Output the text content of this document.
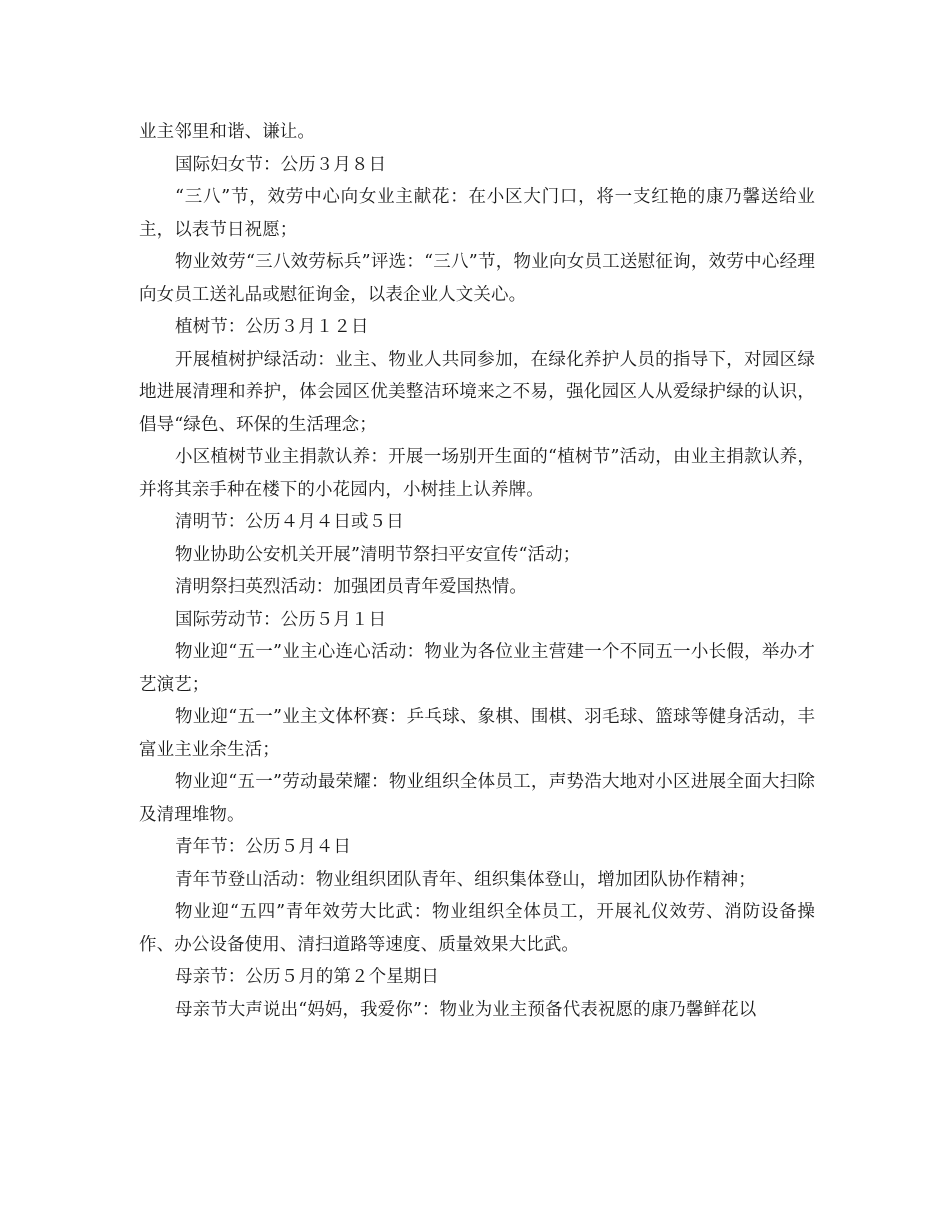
业主邻里和谐、谦让。

国际妇女节：公历３月８日

“三八”节，效劳中心向女业主献花：在小区大门口，将一支红艳的康乃馨送给业主，以表节日祝愿；

物业效劳“三八效劳标兵”评选：“三八”节，物业向女员工送慰征询，效劳中心经理向女员工送礼品或慰征询金，以表企业人文关心。

植树节：公历３月１２日

开展植树护绿活动：业主、物业人共同参加，在绿化养护人员的指导下，对园区绿地进展清理和养护，体会园区优美整洁环境来之不易，强化园区人从爱绿护绿的认识，倡导“绿色、环保的生活理念；

小区植树节业主捐款认养：开展一场别开生面的“植树节”活动，由业主捐款认养，并将其亲手种在楼下的小花园内，小树挂上认养牌。

清明节：公历４月４日或５日

物业协助公安机关开展”清明节祭扫平安宣传“活动；

清明祭扫英烈活动：加强团员青年爱国热情。

国际劳动节：公历５月１日

物业迎“五一”业主心连心活动：物业为各位业主营建一个不同五一小长假，举办才艺演艺；

物业迎“五一”业主文体杯赛：乒乓球、象棋、围棋、羽毛球、篮球等健身活动，丰富业主业余生活；

物业迎“五一”劳动最荣耀：物业组织全体员工，声势浩大地对小区进展全面大扫除及清理堆物。

青年节：公历５月４日

青年节登山活动：物业组织团队青年、组织集体登山，增加团队协作精神；

物业迎“五四”青年效劳大比武：物业组织全体员工，开展礼仪效劳、消防设备操作、办公设备使用、清扫道路等速度、质量效果大比武。

母亲节：公历５月的第２个星期日

母亲节大声说出“妈妈，我爱你”：物业为业主预备代表祝愿的康乃馨鲜花以
